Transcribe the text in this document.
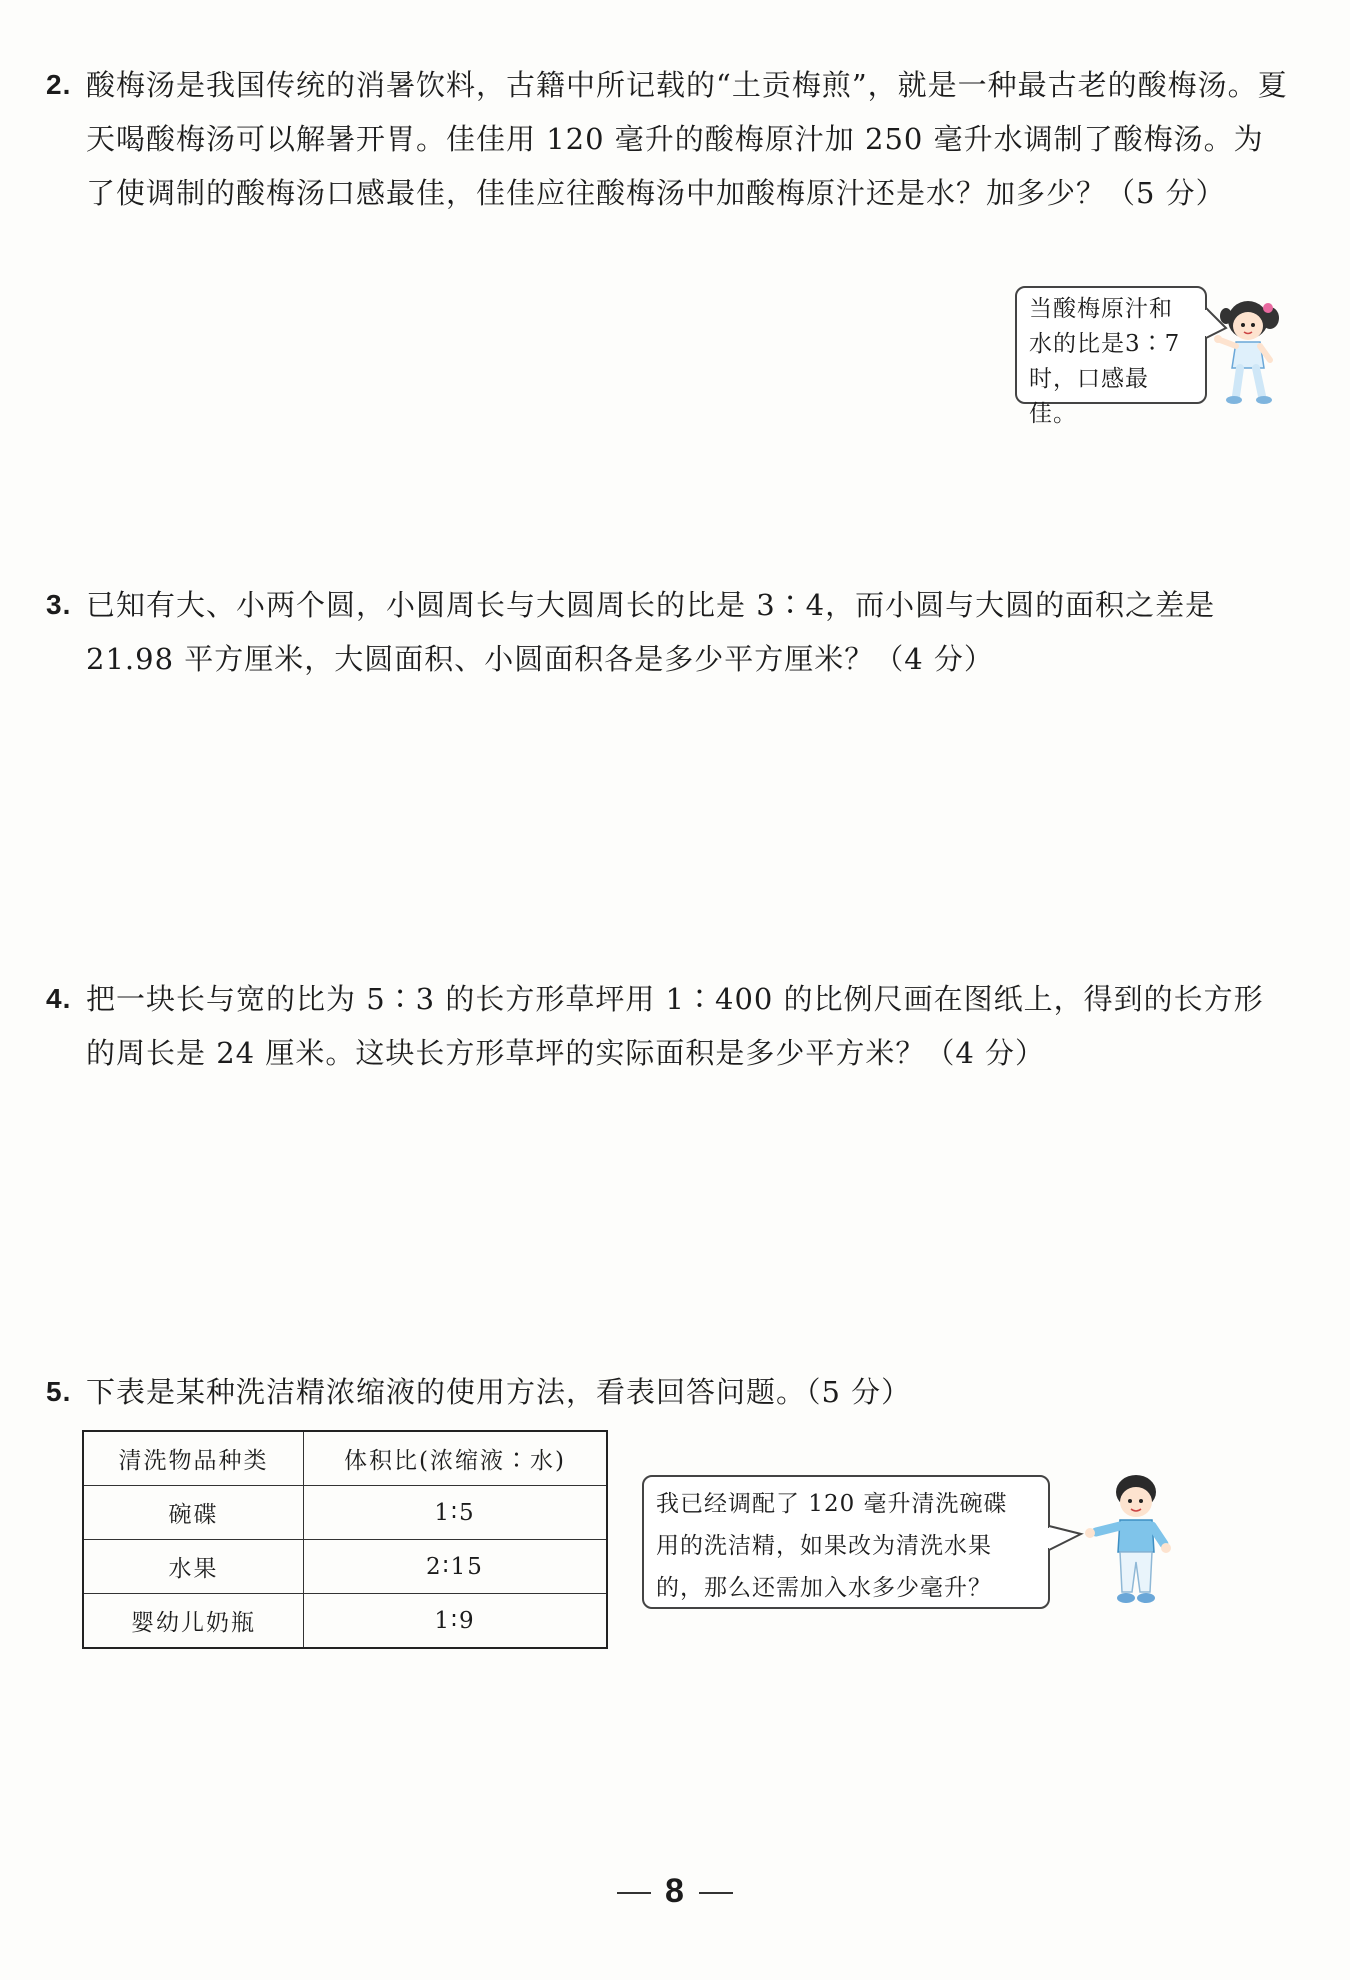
2. 酸梅汤是我国传统的消暑饮料，古籍中所记载的“土贡梅煎”，就是一种最古老的酸梅汤。夏天喝酸梅汤可以解暑开胃。佳佳用 120 毫升的酸梅原汁加 250 毫升水调制了酸梅汤。为了使调制的酸梅汤口感最佳，佳佳应往酸梅汤中加酸梅原汁还是水？加多少？（5 分）
当酸梅原汁和
水的比是3∶7
时，口感最佳。
3. 已知有大、小两个圆，小圆周长与大圆周长的比是 3∶4，而小圆与大圆的面积之差是 21.98 平方厘米，大圆面积、小圆面积各是多少平方厘米？（4 分）
4. 把一块长与宽的比为 5∶3 的长方形草坪用 1∶400 的比例尺画在图纸上，得到的长方形的周长是 24 厘米。这块长方形草坪的实际面积是多少平方米？（4 分）
5. 下表是某种洗洁精浓缩液的使用方法，看表回答问题。（5 分）
清洗物品种类	体积比(浓缩液∶水)
碗碟	1∶5
水果	2∶15
婴幼儿奶瓶	1∶9
我已经调配了 120 毫升清洗碗碟
用的洗洁精，如果改为清洗水果
的，那么还需加入水多少毫升？
8
